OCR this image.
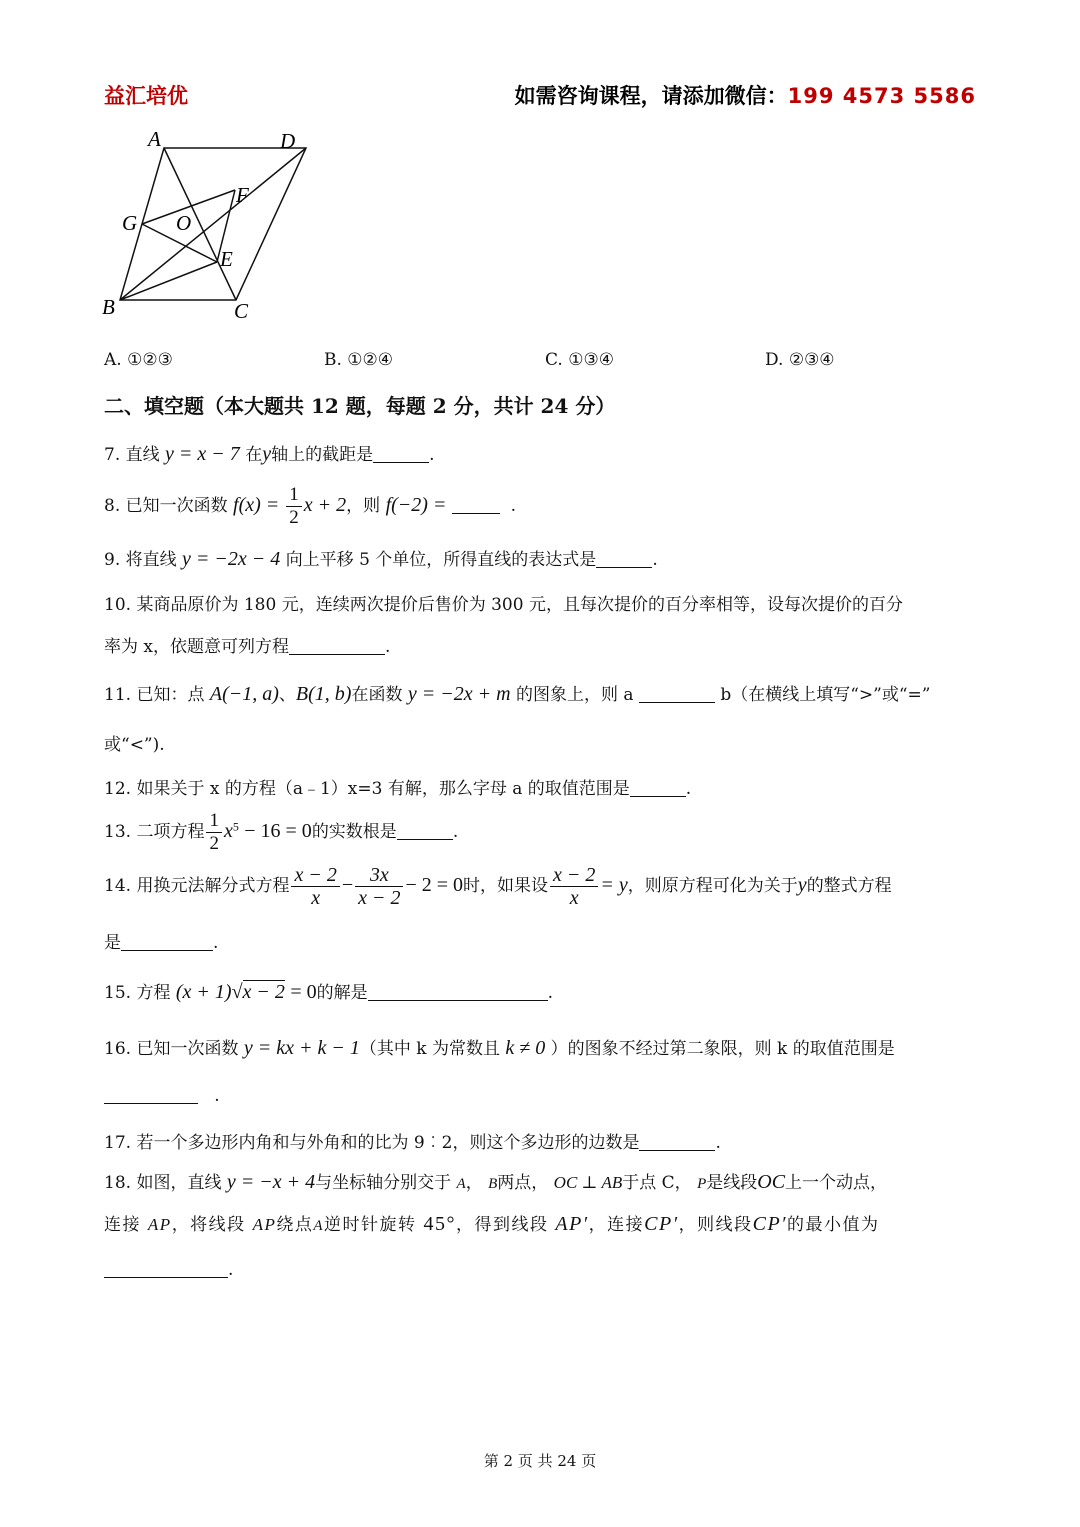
益汇培优	如需咨询课程，请添加微信：199 4573 5586
A	D
F
G O
E
B	C
A. ①②③	B. ①②④	C. ①③④	D. ②③④
二、填空题（本大题共 12 题，每题 2 分，共计 24 分）
7. 直线 y = x − 7 在y轴上的截距是	.
8. 已知一次函数 $f(x) = \frac{1}{2}$ x + 2，则 f(−2) =	.
9. 将直线 y = −2x − 4 向上平移 5 个单位，所得直线的表达式是	.
10. 某商品原价为 180 元，连续两次提价后售价为 300 元，且每次提价的百分率相等，设每次提价的百分
率为 x，依题意可列方程	.
11. 已知：点 A(−1, a)、B(1, b)在函数 y = −2x + m 的图象上，则 a	b（在横线上填写“>”或“=”
或“<”).
12. 如果关于 x 的方程（a﹣1）x=3 有解，那么字母 a 的取值范围是	.
13. 二项方程 $\frac{1}{2} x^5 - 16 = 0$的实数根是	.
14. 用换元法解分式方程 $\frac{x - 2}{x} - \frac{3x}{x - 2} - 2 = 0$时，如果设 $\frac{x - 2}{x} = y$，则原方程可化为关于y的整式方程
是	.
15. 方程 (x + 1)√x − 2 = 0的解是	.
16. 已知一次函数 y = kx + k − 1（其中 k 为常数且 k ≠ 0 ）的图象不经过第二象限，则 k 的取值范围是
.
17. 若一个多边形内角和与外角和的比为 9︰2，则这个多边形的边数是	.
18. 如图，直线 y = −x + 4与坐标轴分别交于 A， B两点， OC ⊥ AB于点 C， P是线段OC上一个动点，
连接 AP，将线段 AP绕点A逆时针旋转 45°，得到线段 AP′，连接CP′，则线段CP′的最小值为
.
第 2 页 共 24 页
